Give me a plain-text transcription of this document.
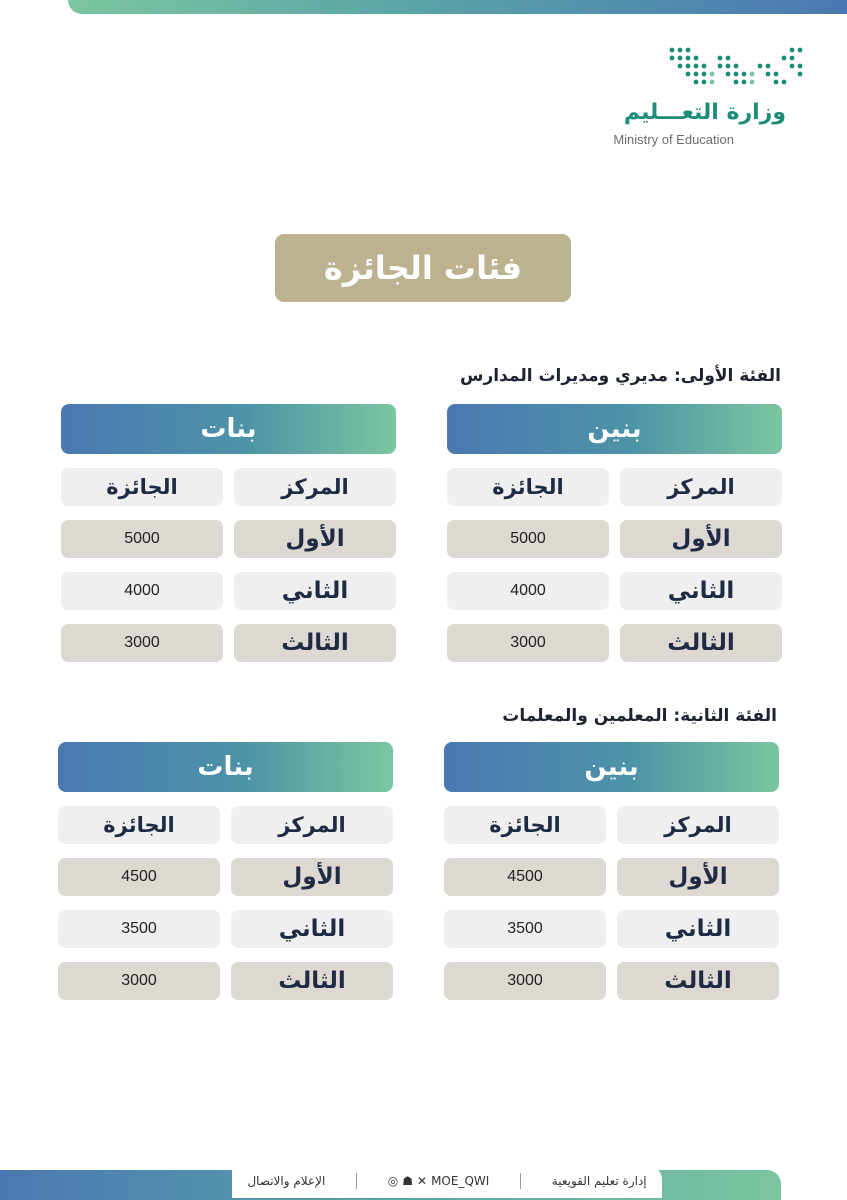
وزارة التعـــليم
Ministry of Education
فئات الجائزة
الفئة الأولى: مديري ومديرات المدارس
بنين
المركز
الجائزة
الأول
5000
الثاني
4000
الثالث
3000
بنات
المركز
الجائزة
الأول
5000
الثاني
4000
الثالث
3000
الفئة الثانية: المعلمين والمعلمات
بنين
المركز
الجائزة
الأول
4500
الثاني
3500
الثالث
3000
بنات
المركز
الجائزة
الأول
4500
الثاني
3500
الثالث
3000
إدارة تعليم القويعية
◎ ☗ ✕ MOE_QWI
الإعلام والاتصال
